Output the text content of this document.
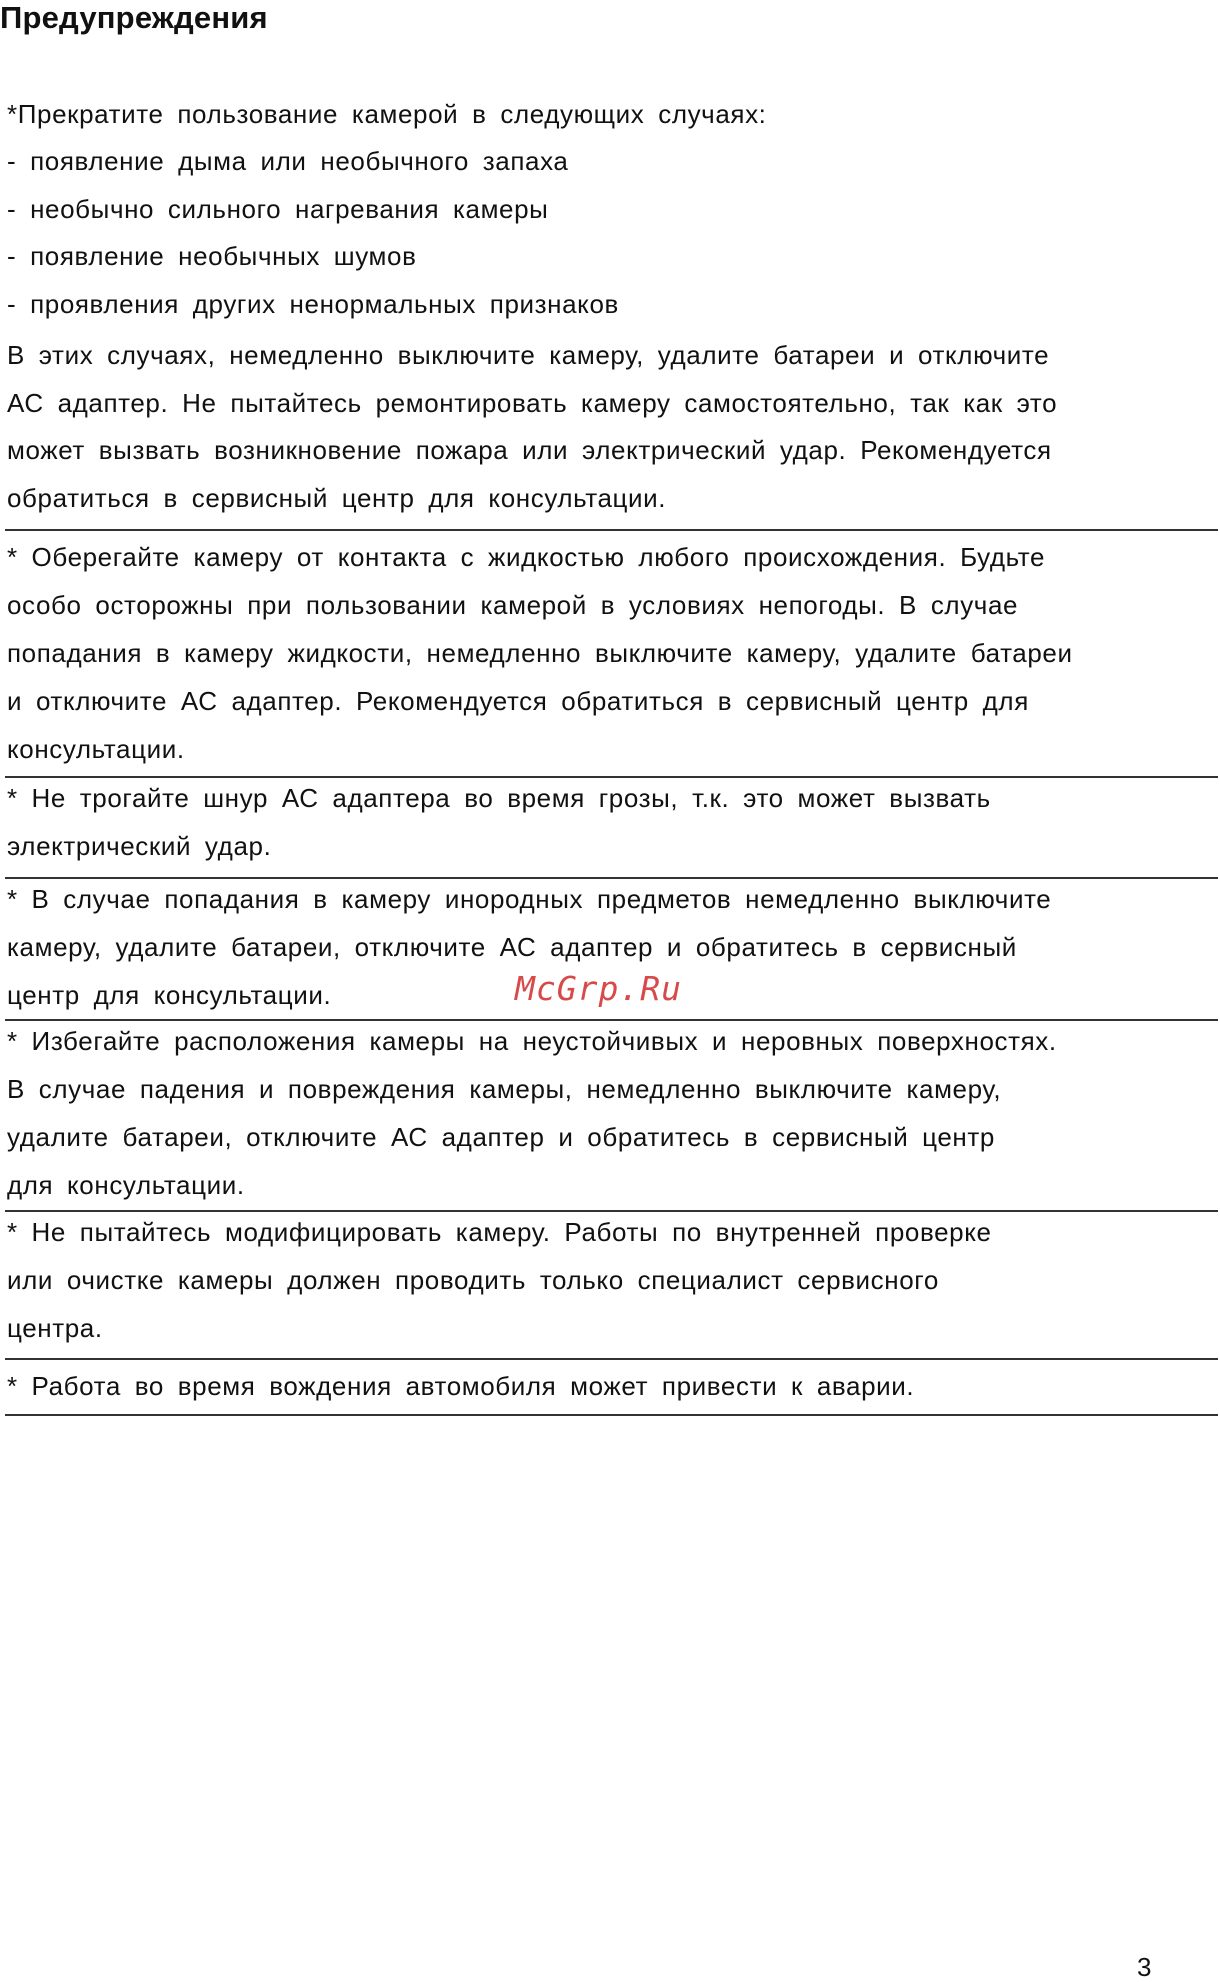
Предупреждения
*Прекратите пользование камерой в следующих случаях:
- появление дыма или необычного запаха
- необычно сильного нагревания камеры
- появление необычных шумов
- проявления других ненормальных признаков
В этих случаях, немедленно выключите камеру, удалите батареи и отключите
АС адаптер. Не пытайтесь ремонтировать камеру самостоятельно, так как это
может вызвать возникновение пожара или электрический удар. Рекомендуется
обратиться в сервисный центр для консультации.
* Оберегайте камеру от контакта с жидкостью любого происхождения. Будьте
особо осторожны при пользовании камерой в условиях непогоды. В случае
попадания в камеру жидкости, немедленно выключите камеру, удалите батареи
и отключите АС адаптер. Рекомендуется обратиться в сервисный центр для
консультации.
* Не трогайте шнур АС адаптера во время грозы, т.к. это может вызвать
электрический удар.
* В случае попадания в камеру инородных предметов немедленно выключите
камеру, удалите батареи, отключите АС адаптер и обратитесь в сервисный
центр для консультации.	McGrp.Ru
* Избегайте расположения камеры на неустойчивых и неровных поверхностях.
В случае падения и повреждения камеры, немедленно выключите камеру,
удалите батареи, отключите АС адаптер и обратитесь в сервисный центр
для консультации.
* Не пытайтесь модифицировать камеру. Работы по внутренней проверке
или очистке камеры должен проводить только специалист сервисного
центра.
* Работа во время вождения автомобиля может привести к аварии.
3
